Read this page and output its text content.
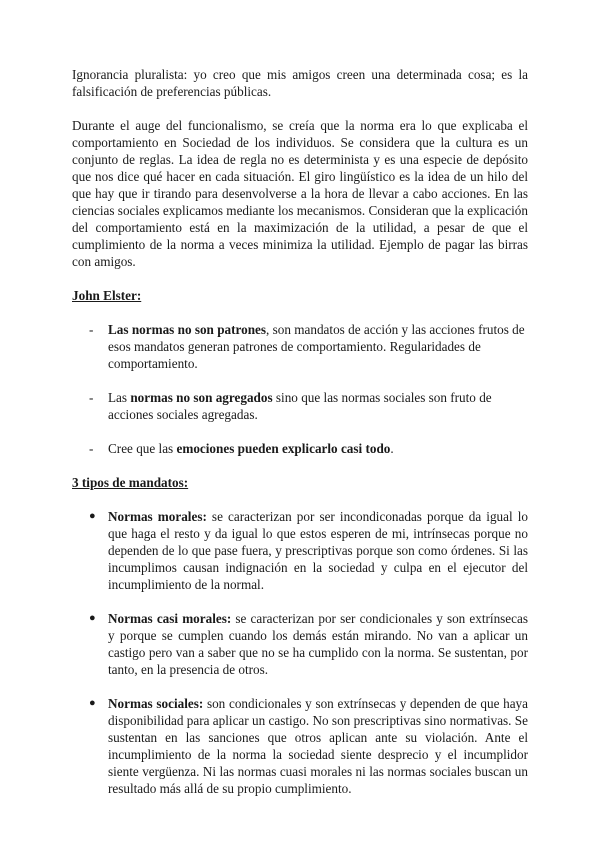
Ignorancia pluralista: yo creo que mis amigos creen una determinada cosa; es la falsificación de preferencias públicas.

Durante el auge del funcionalismo, se creía que la norma era lo que explicaba el comportamiento en Sociedad de los individuos. Se considera que la cultura es un conjunto de reglas. La idea de regla no es determinista y es una especie de depósito que nos dice qué hacer en cada situación. El giro lingüístico es la idea de un hilo del que hay que ir tirando para desenvolverse a la hora de llevar a cabo acciones. En las ciencias sociales explicamos mediante los mecanismos. Consideran que la explicación del comportamiento está en la maximización de la utilidad, a pesar de que el cumplimiento de la norma a veces minimiza la utilidad. Ejemplo de pagar las birras con amigos.

John Elster:

- Las normas no son patrones, son mandatos de acción y las acciones frutos de esos mandatos generan patrones de comportamiento. Regularidades de comportamiento.
- Las normas no son agregados sino que las normas sociales son fruto de acciones sociales agregadas.
- Cree que las emociones pueden explicarlo casi todo.

3 tipos de mandatos:

● Normas morales: se caracterizan por ser incondiconadas porque da igual lo que haga el resto y da igual lo que estos esperen de mi, intrínsecas porque no dependen de lo que pase fuera, y prescriptivas porque son como órdenes. Si las incumplimos causan indignación en la sociedad y culpa en el ejecutor del incumplimiento de la normal.
● Normas casi morales: se caracterizan por ser condicionales y son extrínsecas y porque se cumplen cuando los demás están mirando. No van a aplicar un castigo pero van a saber que no se ha cumplido con la norma. Se sustentan, por tanto, en la presencia de otros.
● Normas sociales: son condicionales y son extrínsecas y dependen de que haya disponibilidad para aplicar un castigo. No son prescriptivas sino normativas. Se sustentan en las sanciones que otros aplican ante su violación. Ante el incumplimiento de la norma la sociedad siente desprecio y el incumplidor siente vergüenza. Ni las normas cuasi morales ni las normas sociales buscan un resultado más allá de su propio cumplimiento.
